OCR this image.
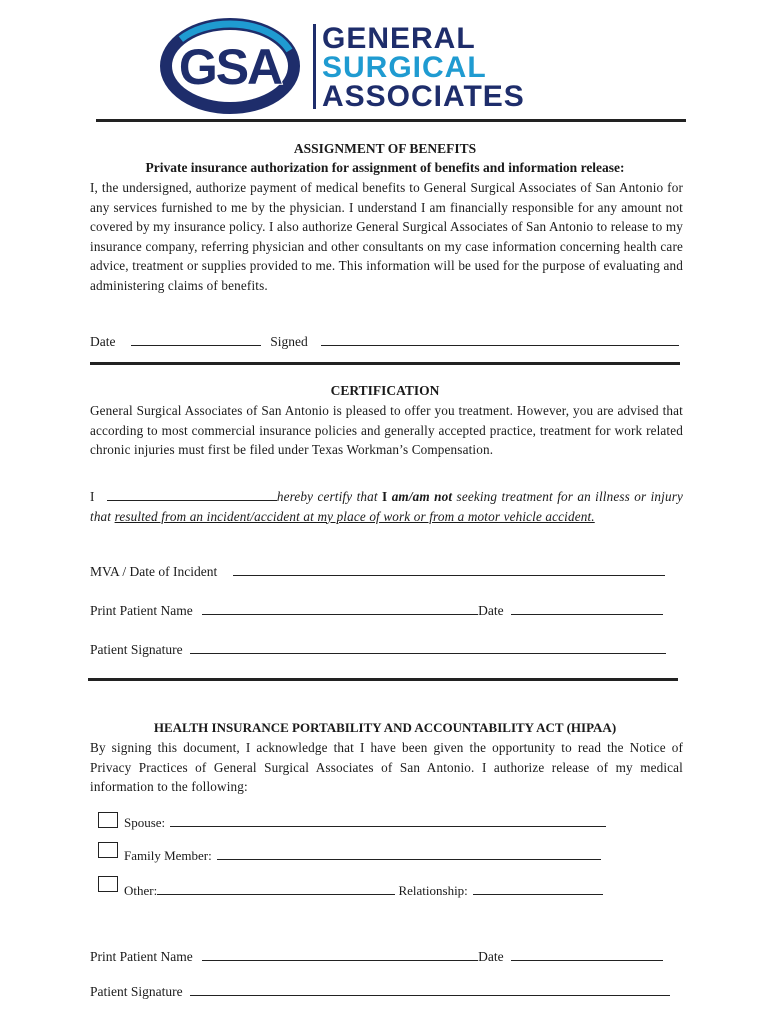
GSA
GENERAL
SURGICAL
ASSOCIATES
ASSIGNMENT OF BENEFITS
Private insurance authorization for assignment of benefits and information release:
I, the undersigned, authorize payment of medical benefits to General Surgical Associates of San Antonio for any services furnished to me by the physician. I understand I am financially responsible for any amount not covered by my insurance policy. I also authorize General Surgical Associates of San Antonio to release to my insurance company, referring physician and other consultants on my case information concerning health care advice, treatment or supplies provided to me. This information will be used for the purpose of evaluating and administering claims of benefits.
Date	Signed
CERTIFICATION
General Surgical Associates of San Antonio is pleased to offer you treatment. However, you are advised that according to most commercial insurance policies and generally accepted practice, treatment for work related chronic injuries must first be filed under Texas Workman’s Compensation.
I	hereby certify that I am/am not seeking treatment for an illness or injury that resulted from an incident/accident at my place of work or from a motor vehicle accident.
MVA / Date of Incident
Print Patient Name	Date
Patient Signature
HEALTH INSURANCE PORTABILITY AND ACCOUNTABILITY ACT (HIPAA)
By signing this document, I acknowledge that I have been given the opportunity to read the Notice of Privacy Practices of General Surgical Associates of San Antonio. I authorize release of my medical information to the following:
Spouse:
Family Member:
Other:	Relationship:
Print Patient Name	Date
Patient Signature
